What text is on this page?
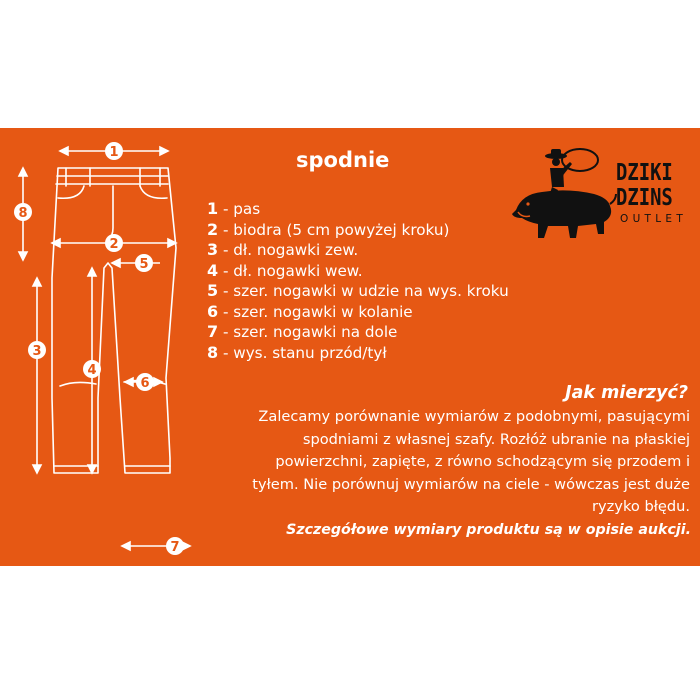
1
8
2
5
3
4
6
7
spodnie
1 - pas
2 - biodra (5 cm powyżej kroku)
3 - dł. nogawki zew.
4 - dł. nogawki wew.
5 - szer. nogawki w udzie na wys. kroku
6 - szer. nogawki w kolanie
7 - szer. nogawki na dole
8 - wys. stanu przód/tył

Jak mierzyć?

Zalecamy porównanie wymiarów z podobnymi, pasującymi spodniami z własnej szafy. Rozłóż ubranie na płaskiej powierzchni, zapięte, z równo schodzącym się przodem i tyłem. Nie porównuj wymiarów na ciele - wówczas jest duże ryzyko błędu.

Szczegółowe wymiary produktu są w opisie aukcji.

DZIKI
DZINS
OUTLET
